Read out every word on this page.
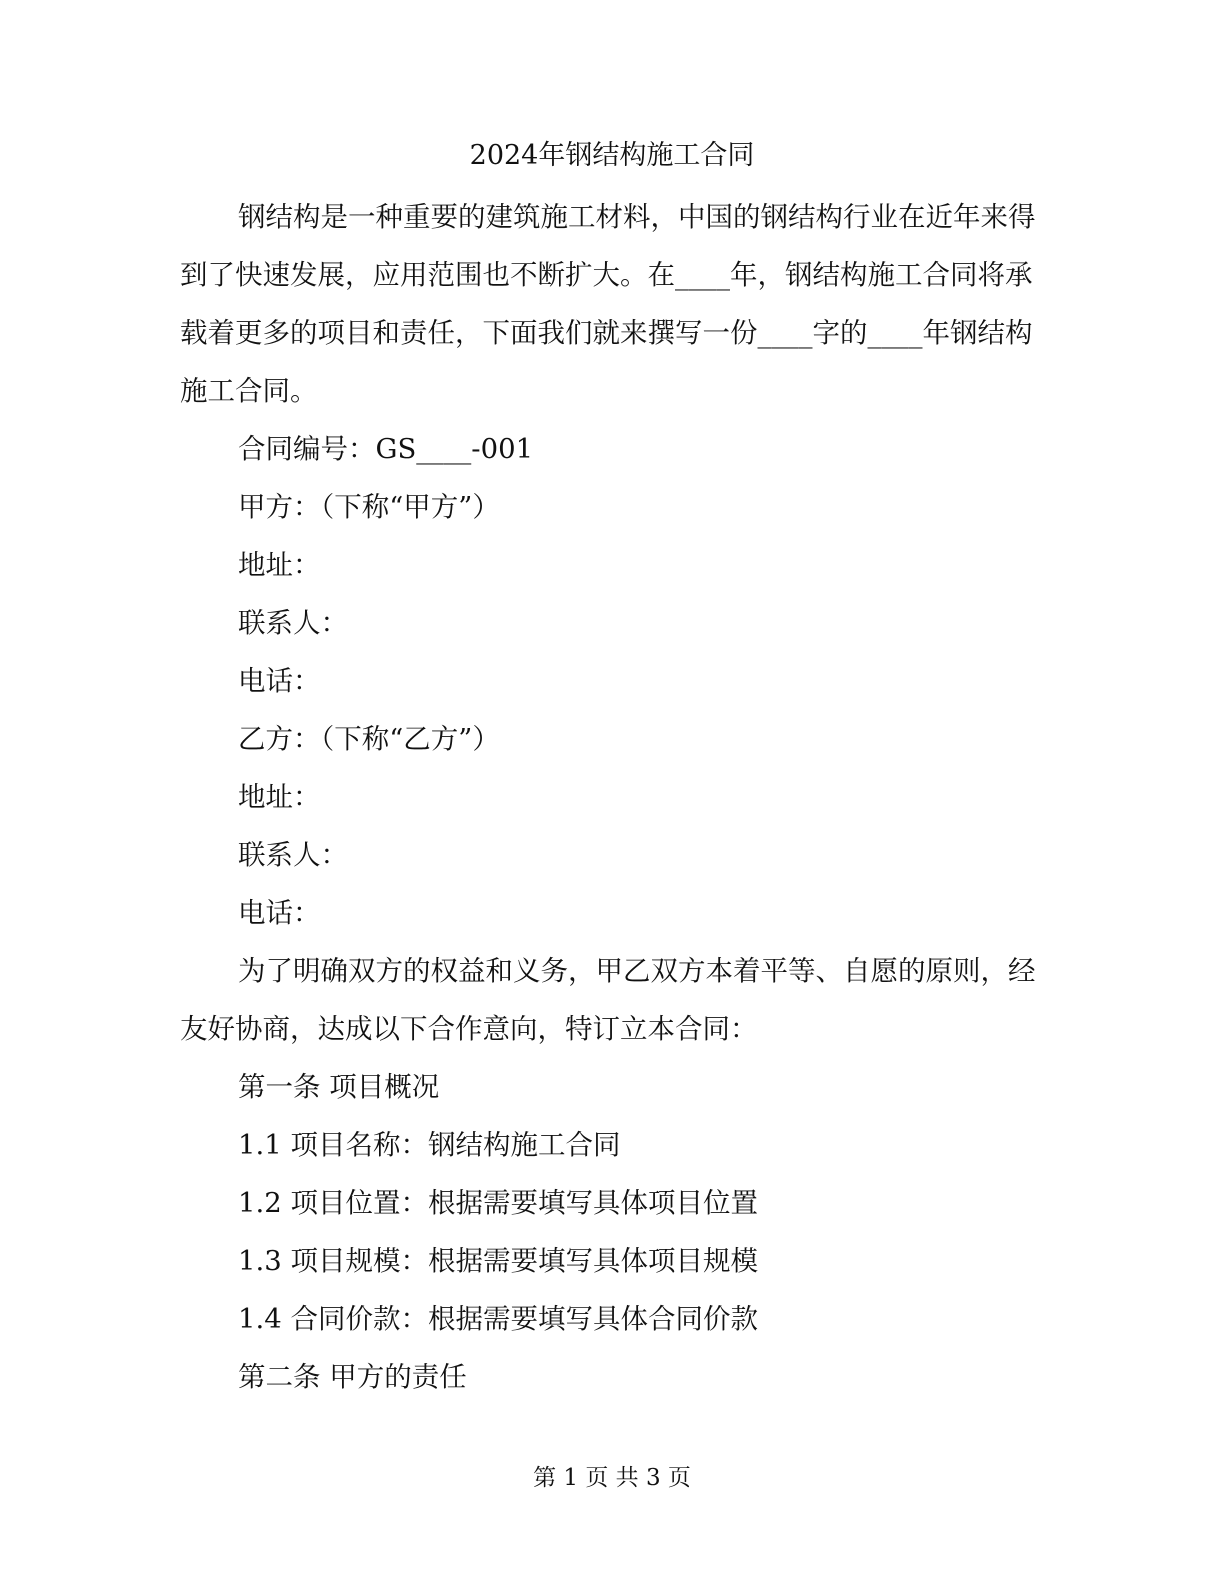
2024年钢结构施工合同

钢结构是一种重要的建筑施工材料，中国的钢结构行业在近年来得到了快速发展，应用范围也不断扩大。在____年，钢结构施工合同将承载着更多的项目和责任，下面我们就来撰写一份____字的____年钢结构施工合同。

合同编号：GS____-001

甲方：（下称“甲方”）

地址：

联系人：

电话：

乙方：（下称“乙方”）

地址：

联系人：

电话：

为了明确双方的权益和义务，甲乙双方本着平等、自愿的原则，经友好协商，达成以下合作意向，特订立本合同：

第一条 项目概况

1.1 项目名称：钢结构施工合同

1.2 项目位置：根据需要填写具体项目位置

1.3 项目规模：根据需要填写具体项目规模

1.4 合同价款：根据需要填写具体合同价款

第二条 甲方的责任

第 1 页 共 3 页
